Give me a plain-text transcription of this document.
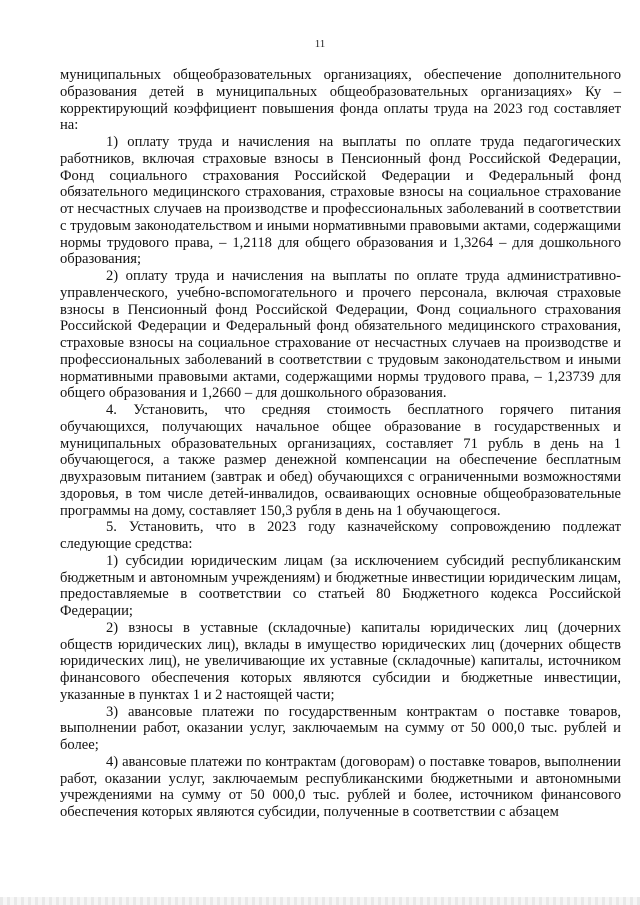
11

муниципальных общеобразовательных организациях, обеспечение дополнительного образования детей в муниципальных общеобразовательных организациях» Ку – корректирующий коэффициент повышения фонда оплаты труда на 2023 год составляет на:

1) оплату труда и начисления на выплаты по оплате труда педагогических работников, включая страховые взносы в Пенсионный фонд Российской Федерации, Фонд социального страхования Российской Федерации и Федеральный фонд обязательного медицинского страхования, страховые взносы на социальное страхование от несчастных случаев на производстве и профессиональных заболеваний в соответствии с трудовым законодательством и иными нормативными правовыми актами, содержащими нормы трудового права, – 1,2118 для общего образования и 1,3264 – для дошкольного образования;

2) оплату труда и начисления на выплаты по оплате труда административно-управленческого, учебно-вспомогательного и прочего персонала, включая страховые взносы в Пенсионный фонд Российской Федерации, Фонд социального страхования Российской Федерации и Федеральный фонд обязательного медицинского страхования, страховые взносы на социальное страхование от несчастных случаев на производстве и профессиональных заболеваний в соответствии с трудовым законодательством и иными нормативными правовыми актами, содержащими нормы трудового права, – 1,23739 для общего образования и 1,2660 – для дошкольного образования.

4. Установить, что средняя стоимость бесплатного горячего питания обучающихся, получающих начальное общее образование в государственных и муниципальных образовательных организациях, составляет 71 рубль в день на 1 обучающегося, а также размер денежной компенсации на обеспечение бесплатным двухразовым питанием (завтрак и обед) обучающихся с ограниченными возможностями здоровья, в том числе детей-инвалидов, осваивающих основные общеобразовательные программы на дому, составляет 150,3 рубля в день на 1 обучающегося.

5. Установить, что в 2023 году казначейскому сопровождению подлежат следующие средства:

1) субсидии юридическим лицам (за исключением субсидий республиканским бюджетным и автономным учреждениям) и бюджетные инвестиции юридическим лицам, предоставляемые в соответствии со статьей 80 Бюджетного кодекса Российской Федерации;

2) взносы в уставные (складочные) капиталы юридических лиц (дочерних обществ юридических лиц), вклады в имущество юридических лиц (дочерних обществ юридических лиц), не увеличивающие их уставные (складочные) капиталы, источником финансового обеспечения которых являются субсидии и бюджетные инвестиции, указанные в пунктах 1 и 2 настоящей части;

3) авансовые платежи по государственным контрактам о поставке товаров, выполнении работ, оказании услуг, заключаемым на сумму от 50 000,0 тыс. рублей и более;

4) авансовые платежи по контрактам (договорам) о поставке товаров, выполнении работ, оказании услуг, заключаемым республиканскими бюджетными и автономными учреждениями на сумму от 50 000,0 тыс. рублей и более, источником финансового обеспечения которых являются субсидии, полученные в соответствии с абзацем
